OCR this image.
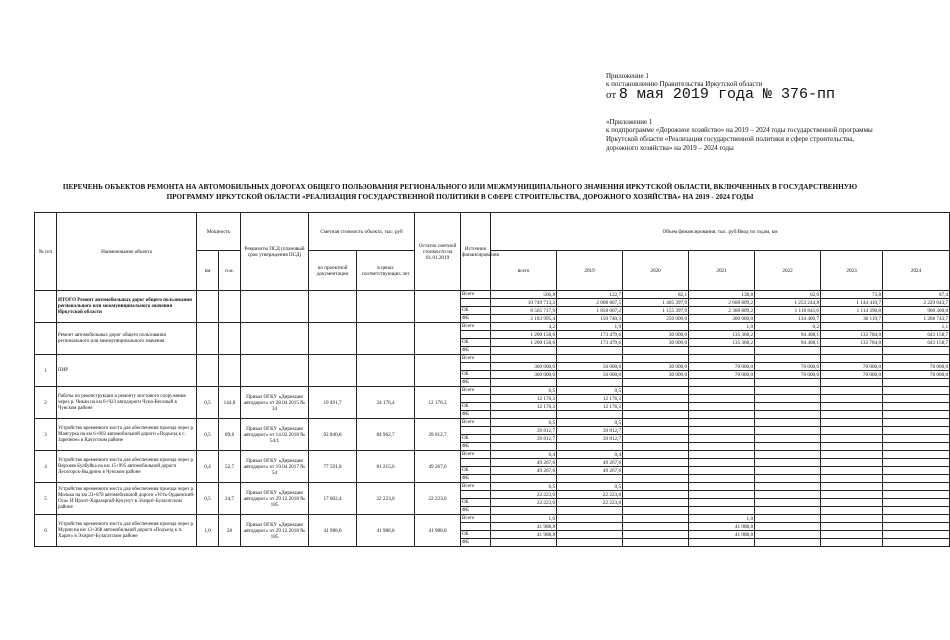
Приложение 1
к постановлению Правительства Иркутской области
от 8 мая 2019 года № 376-пп
«Приложение 1
к подпрограмме «Дорожное хозяйство» на 2019 – 2024 годы государственной программы Иркутской области «Реализация государственной политики в сфере строительства, дорожного хозяйства» на 2019 – 2024 годы
ПЕРЕЧЕНЬ ОБЪЕКТОВ РЕМОНТА НА АВТОМОБИЛЬНЫХ ДОРОГАХ ОБЩЕГО ПОЛЬЗОВАНИЯ РЕГИОНАЛЬНОГО ИЛИ МЕЖМУНИЦИПАЛЬНОГО ЗНАЧЕНИЯ ИРКУТСКОЙ ОБЛАСТИ, ВКЛЮЧЕННЫХ В ГОСУДАРСТВЕННУЮ ПРОГРАММУ ИРКУТСКОЙ ОБЛАСТИ «РЕАЛИЗАЦИЯ ГОСУДАРСТВЕННОЙ ПОЛИТИКИ В СФЕРЕ СТРОИТЕЛЬСТВА, ДОРОЖНОГО ХОЗЯЙСТВА» НА 2019 - 2024 ГОДЫ
№ п/п	Наименование объекта	Мощность		Реквизиты ПСД (плановый срок утверждения ПСД)	Сметная стоимость объекта, тыс. руб		Остаток сметной стоимости на 01.01.2019	Источник финансирования	Объем финансирования, тыс. руб/Ввод по годам, км						
		км	п.м.		по проектной документации	в ценах соответствующих лет			всего	2019	2020	2021	2022	2023	2024
	ИТОГО Ремонт автомобильных дорог общего пользования регионального или межмуниципального значения Иркутской области							Всего	566,8	122,7	82,1	138,8	62,0	73,8	87,4
									10 749 713,3	2 008 807,5	1 405 397,9	2 608 809,2	1 253 244,8	1 144 410,7	2 229 043,7
								ОБ	8 565 717,9	1 858 067,2	1 155 397,9	2 308 809,2	1 118 843,6	1 114 390,8	960 300,0
								ФБ	2 183 995,4	150 740,3	250 000,0	300 000,0	134 400,7	30 119,7	1 268 743,7
	Ремонт автомобильных дорог общего пользования регионального или межмуниципального значения							Всего	4,2	1,9		1,0	0,2		1,1
									1 200 158,6	173 479,6	30 000,0	135 368,2	94 408,1	133 784,0	643 158,7
								ОБ	1 200 158,6	173 479,6	30 000,0	135 368,2	94 408,1	133 784,0	643 158,7
								ФБ							
1	ПИР							Всего							
									360 000,0	50 000,0	30 000,0	70 000,0	70 000,0	70 000,0	70 000,0
								ОБ	360 000,0	50 000,0	30 000,0	70 000,0	70 000,0	70 000,0	70 000,0
								ФБ							
2	Работы по реконструкции и ремонту мостового сооружения через р. Чикан на км 6+923 автодороги Чуна-Веселый в Чунском районе	0,5	144,8	Приказ ОГКУ «Дирекция автодорог» от 28.04.2015 № 34	19 491,7	24 176,4	12 176,3	Всего	0,5	0,5					
									12 176,3	12 176,3					
								ОБ	12 176,3	12 176,3					
								ФБ							
3	Устройство временного моста для обеспечения проезда через р. Мангурка на км 6+002 автомобильной дороги «Подъезд к с. Заречное» в Качугском районе	0,5	89,8	Приказ ОГКУ «Дирекция автодорог» от 14.02.2018 № 54/1	92 840,8	84 962,7	39 812,7	Всего	0,5	0,5					
									39 812,7	39 812,7					
								ОБ	39 812,7	39 812,7					
								ФБ							
4	Устройство временного моста для обеспечения проезда через р. Верхняя Булбуйка на км 15+995 автомобильной дороги Лесогорск-Выдрино в Чунском районе	0,4	52,7	Приказ ОГКУ «Дирекция автодорог» от 19.04.2017 № 54	77 591,8	81 215,6	49 267,6	Всего	0,4	0,4					
									49 267,6	49 267,6					
								ОБ	49 267,6	49 267,6					
								ФБ							
5	Устройство временного моста для обеспечения проезда через р. Молька на км 23+878 автомобильной дороги «Усть-Ордынский-Оса» И Ирхит-Харазаргай-Кукунут в Эхирит-Булагатском районе	0,5	24,7	Приказ ОГКУ «Дирекция автодорог» от 29.12.2018 № 185	17 002,4	22 223,0	22 223,0	Всего	0,5	0,5					
									22 223,0	22 223,0					
								ОБ	22 223,0	22 223,0					
								ФБ							
6	Устройство временного моста для обеспечения проезда через р. Мурин на км 13+368 автомобильной дороги «Подъезд к п. Харат» в Эхирит-Булагатском районе	1,0	28	Приказ ОГКУ «Дирекция автодорог» от 29.12.2018 № 185	41 988,8	41 988,8	41 988,8	Всего	1,0			1,0			
									41 988,8			41 988,8			
								ОБ	41 988,8			41 988,8			
								ФБ							
